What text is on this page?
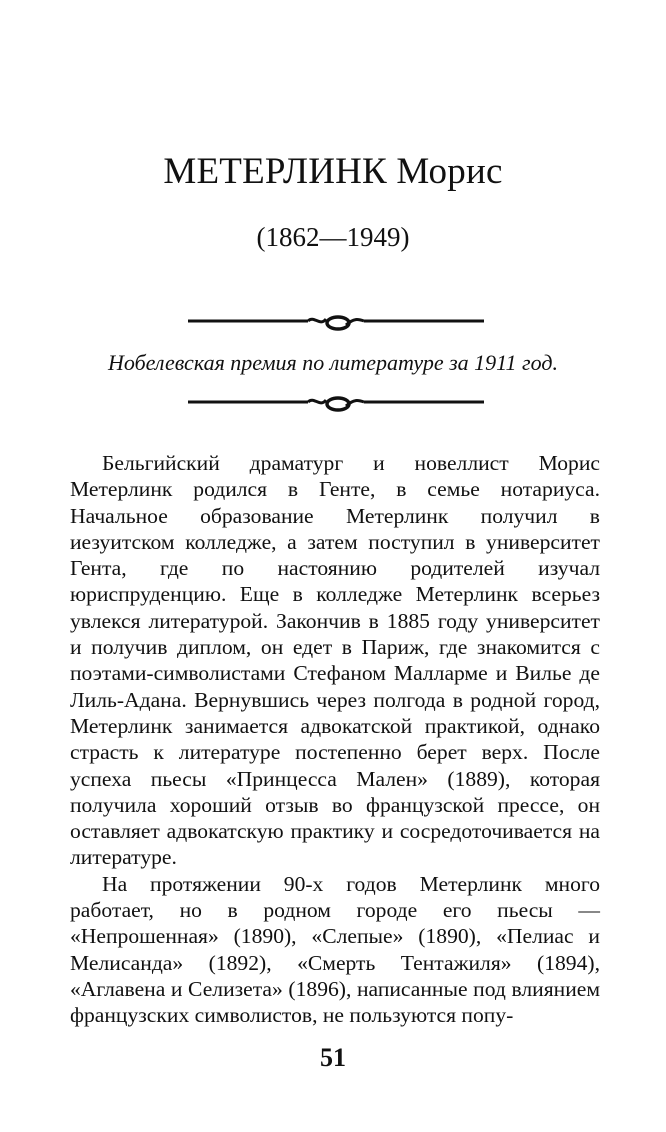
МЕТЕРЛИНК Морис
(1862—1949)
Нобелевская премия по литературе за 1911 год.

Бельгийский драматург и новеллист Морис Метерлинк родился в Генте, в семье нотариуса. Начальное образование Метерлинк получил в иезуитском колледже, а затем поступил в университет Гента, где по настоянию родителей изучал юриспруденцию. Еще в колледже Метерлинк всерьез увлекся литературой. Закончив в 1885 году университет и получив диплом, он едет в Париж, где знакомится с поэтами-символистами Стефаном Малларме и Вилье де Лиль-Адана. Вернувшись через полгода в родной город, Метерлинк занимается адвокатской практикой, однако страсть к литературе постепенно берет верх. После успеха пьесы «Принцесса Мален» (1889), которая получила хороший отзыв во французской прессе, он оставляет адвокатскую практику и сосредоточивается на литературе.

На протяжении 90-х годов Метерлинк много работает, но в родном городе его пьесы — «Непрошенная» (1890), «Слепые» (1890), «Пелиас и Мелисанда» (1892), «Смерть Тентажиля» (1894), «Аглавена и Селизета» (1896), написанные под влиянием французских символистов, не пользуются попу-

51
